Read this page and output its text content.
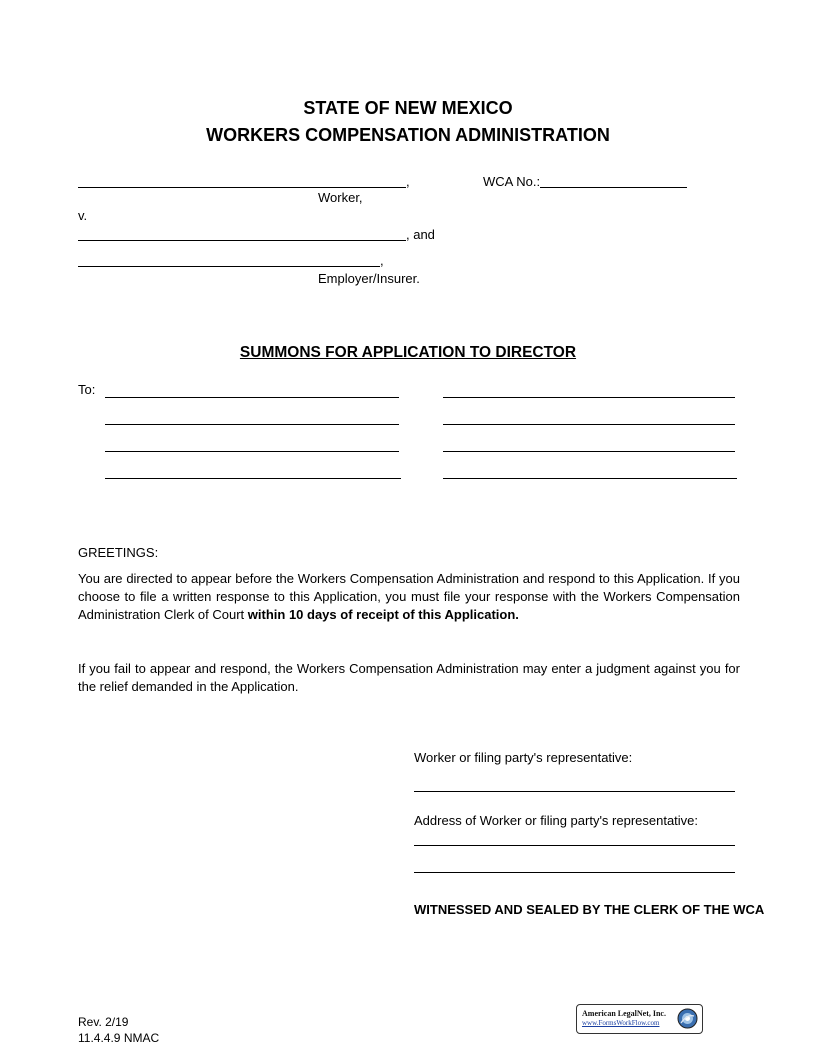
STATE OF NEW MEXICO
WORKERS COMPENSATION ADMINISTRATION
,
Worker,
WCA No.:
v.
, and
,
Employer/Insurer.
SUMMONS FOR APPLICATION TO DIRECTOR
To:
GREETINGS:
You are directed to appear before the Workers Compensation Administration and respond to this Application. If you choose to file a written response to this Application, you must file your response with the Workers Compensation Administration Clerk of Court within 10 days of receipt of this Application.
If you fail to appear and respond, the Workers Compensation Administration may enter a judgment against you for the relief demanded in the Application.
Worker or filing party's representative:
Address of Worker or filing party's representative:
WITNESSED AND SEALED BY THE CLERK OF THE WCA
Rev. 2/19
11.4.4.9 NMAC
American LegalNet, Inc.
www.FormsWorkFlow.com
